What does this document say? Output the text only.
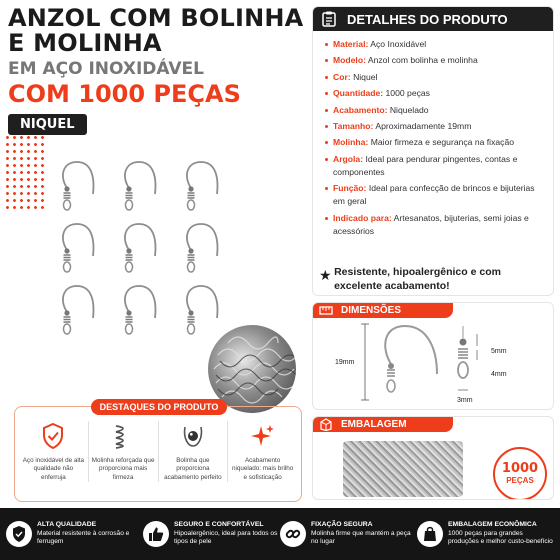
ANZOL COM BOLINHA
E MOLINHA
EM AÇO INOXIDÁVEL
COM 1000 PEÇAS
NIQUEL
DETALHES DO PRODUTO
Material: Aço Inoxidável
Modelo: Anzol com bolinha e molinha
Cor: Niquel
Quantidade: 1000 peças
Acabamento: Niquelado
Tamanho: Aproximadamente 19mm
Molinha: Maior firmeza e segurança na fixação
Argola: Ideal para pendurar pingentes, contas e componentes
Função: Ideal para confecção de brincos e bijuterias em geral
Indicado para: Artesanatos, bijuterias, semi joias e acessórios
★ Resistente, hipoalergênico e com excelente acabamento!
DIMENSÕES
19mm
5mm
4mm
3mm
EMBALAGEM
1000
PEÇAS
DESTAQUES DO PRODUTO
Aço inoxidável de alta qualidade não enferruja
Molinha reforçada que proporciona mais firmeza
Bolinha que proporciona acabamento perfeito
Acabamento niquelado: mais brilho e sofisticação
ALTA QUALIDADE
Material resistente à corrosão e ferrugem
SEGURO E CONFORTÁVEL
Hipoalergênico, ideal para todos os tipos de pele
FIXAÇÃO SEGURA
Molinha firme que mantém a peça no lugar
EMBALAGEM ECONÔMICA
1000 peças para grandes produções e melhor custo-benefício
